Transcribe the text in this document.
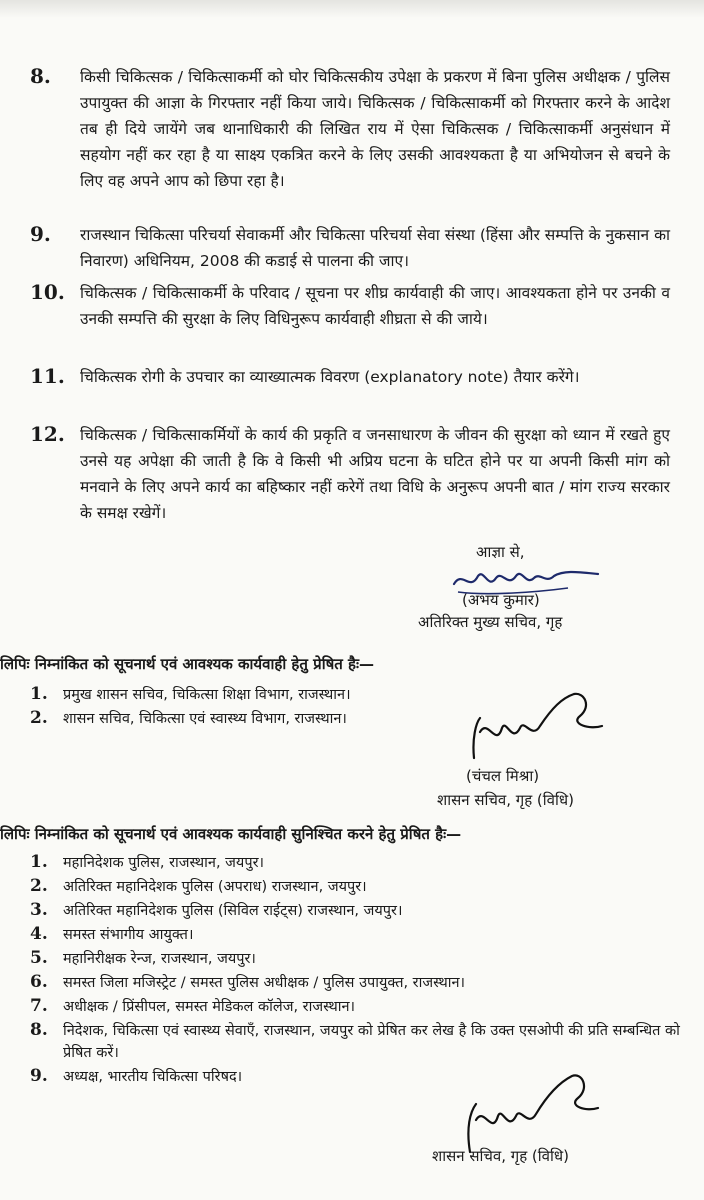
8.	किसी चिकित्सक / चिकित्साकर्मी को घोर चिकित्सकीय उपेक्षा के प्रकरण में बिना पुलिस अधीक्षक / पुलिस उपायुक्त की आज्ञा के गिरफ्तार नहीं किया जाये। चिकित्सक / चिकित्साकर्मी को गिरफ्तार करने के आदेश तब ही दिये जायेंगे जब थानाधिकारी की लिखित राय में ऐसा चिकित्सक / चिकित्साकर्मी अनुसंधान में सहयोग नहीं कर रहा है या साक्ष्य एकत्रित करने के लिए उसकी आवश्यकता है या अभियोजन से बचने के लिए वह अपने आप को छिपा रहा है।
9.	राजस्थान चिकित्सा परिचर्या सेवाकर्मी और चिकित्सा परिचर्या सेवा संस्था (हिंसा और सम्पत्ति के नुकसान का निवारण) अधिनियम, 2008 की कडाई से पालना की जाए।
10. चिकित्सक / चिकित्साकर्मी के परिवाद / सूचना पर शीघ्र कार्यवाही की जाए। आवश्यकता होने पर उनकी व उनकी सम्पत्ति की सुरक्षा के लिए विधिनुरूप कार्यवाही शीघ्रता से की जाये।
11. चिकित्सक रोगी के उपचार का व्याख्यात्मक विवरण (explanatory note) तैयार करेंगे।
12. चिकित्सक / चिकित्साकर्मियों के कार्य की प्रकृति व जनसाधारण के जीवन की सुरक्षा को ध्यान में रखते हुए उनसे यह अपेक्षा की जाती है कि वे किसी भी अप्रिय घटना के घटित होने पर या अपनी किसी मांग को मनवाने के लिए अपने कार्य का बहिष्कार नहीं करेगें तथा विधि के अनुरूप अपनी बात / मांग राज्य सरकार के समक्ष रखेगें।
आज्ञा से,
(अभय कुमार)
अतिरिक्त मुख्य सचिव, गृह
लिपिः निम्नांकित को सूचनार्थ एवं आवश्यक कार्यवाही हेतु प्रेषित हैः—
1.	प्रमुख शासन सचिव, चिकित्सा शिक्षा विभाग, राजस्थान।
2.	शासन सचिव, चिकित्सा एवं स्वास्थ्य विभाग, राजस्थान।
(चंचल मिश्रा)
शासन सचिव, गृह (विधि)
लिपिः निम्नांकित को सूचनार्थ एवं आवश्यक कार्यवाही सुनिश्चित करने हेतु प्रेषित हैः—
1.	महानिदेशक पुलिस, राजस्थान, जयपुर।
2.	अतिरिक्त महानिदेशक पुलिस (अपराध) राजस्थान, जयपुर।
3.	अतिरिक्त महानिदेशक पुलिस (सिविल राईट्स) राजस्थान, जयपुर।
4.	समस्त संभागीय आयुक्त।
5.	महानिरीक्षक रेन्ज, राजस्थान, जयपुर।
6.	समस्त जिला मजिस्ट्रेट / समस्त पुलिस अधीक्षक / पुलिस उपायुक्त, राजस्थान।
7.	अधीक्षक / प्रिंसीपल, समस्त मेडिकल कॉलेज, राजस्थान।
8.	निदेशक, चिकित्सा एवं स्वास्थ्य सेवाएँ, राजस्थान, जयपुर को प्रेषित कर लेख है कि उक्त एसओपी की प्रति सम्बन्धित को प्रेषित करें।
9.	अध्यक्ष, भारतीय चिकित्सा परिषद।
शासन सचिव, गृह (विधि)
